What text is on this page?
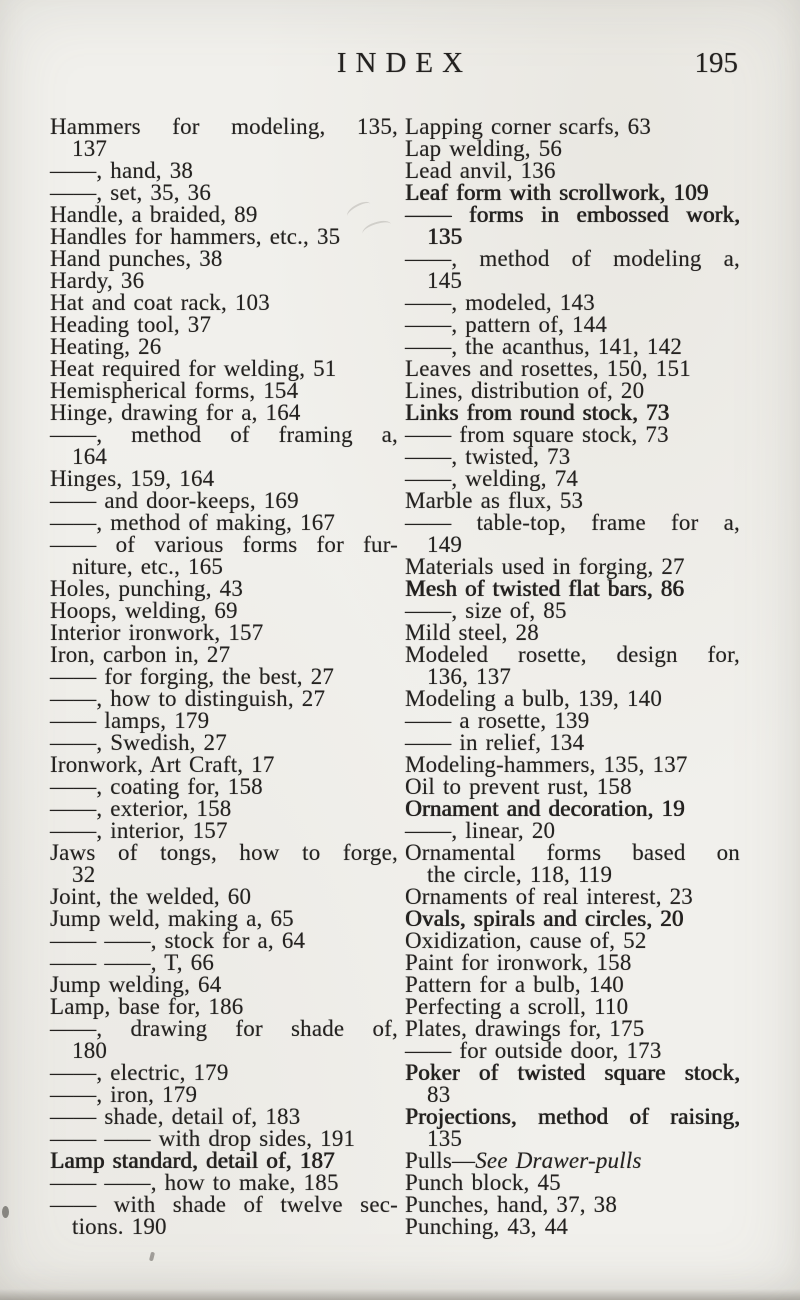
INDEX	195
Hammers for modeling, 135,
137
——, hand, 38
——, set, 35, 36
Handle, a braided, 89
Handles for hammers, etc., 35
Hand punches, 38
Hardy, 36
Hat and coat rack, 103
Heading tool, 37
Heating, 26
Heat required for welding, 51
Hemispherical forms, 154
Hinge, drawing for a, 164
——, method of framing a,
164
Hinges, 159, 164
—— and door-keeps, 169
——, method of making, 167
—— of various forms for fur-
niture, etc., 165
Holes, punching, 43
Hoops, welding, 69
Interior ironwork, 157
Iron, carbon in, 27
—— for forging, the best, 27
——, how to distinguish, 27
—— lamps, 179
——, Swedish, 27
Ironwork, Art Craft, 17
——, coating for, 158
——, exterior, 158
——, interior, 157
Jaws of tongs, how to forge,
32
Joint, the welded, 60
Jump weld, making a, 65
—— ——, stock for a, 64
—— ——, T, 66
Jump welding, 64
Lamp, base for, 186
——, drawing for shade of,
180
——, electric, 179
——, iron, 179
—— shade, detail of, 183
—— —— with drop sides, 191
Lamp standard, detail of, 187
—— ——, how to make, 185
—— with shade of twelve sec-
tions. 190
Lapping corner scarfs, 63
Lap welding, 56
Lead anvil, 136
Leaf form with scrollwork, 109
—— forms in embossed work,
135
——, method of modeling a,
145
——, modeled, 143
——, pattern of, 144
——, the acanthus, 141, 142
Leaves and rosettes, 150, 151
Lines, distribution of, 20
Links from round stock, 73
—— from square stock, 73
——, twisted, 73
——, welding, 74
Marble as flux, 53
—— table-top, frame for a,
149
Materials used in forging, 27
Mesh of twisted flat bars, 86
——, size of, 85
Mild steel, 28
Modeled rosette, design for,
136, 137
Modeling a bulb, 139, 140
—— a rosette, 139
—— in relief, 134
Modeling-hammers, 135, 137
Oil to prevent rust, 158
Ornament and decoration, 19
——, linear, 20
Ornamental forms based on
the circle, 118, 119
Ornaments of real interest, 23
Ovals, spirals and circles, 20
Oxidization, cause of, 52
Paint for ironwork, 158
Pattern for a bulb, 140
Perfecting a scroll, 110
Plates, drawings for, 175
—— for outside door, 173
Poker of twisted square stock,
83
Projections, method of raising,
135
Pulls—See Drawer-pulls
Punch block, 45
Punches, hand, 37, 38
Punching, 43, 44
